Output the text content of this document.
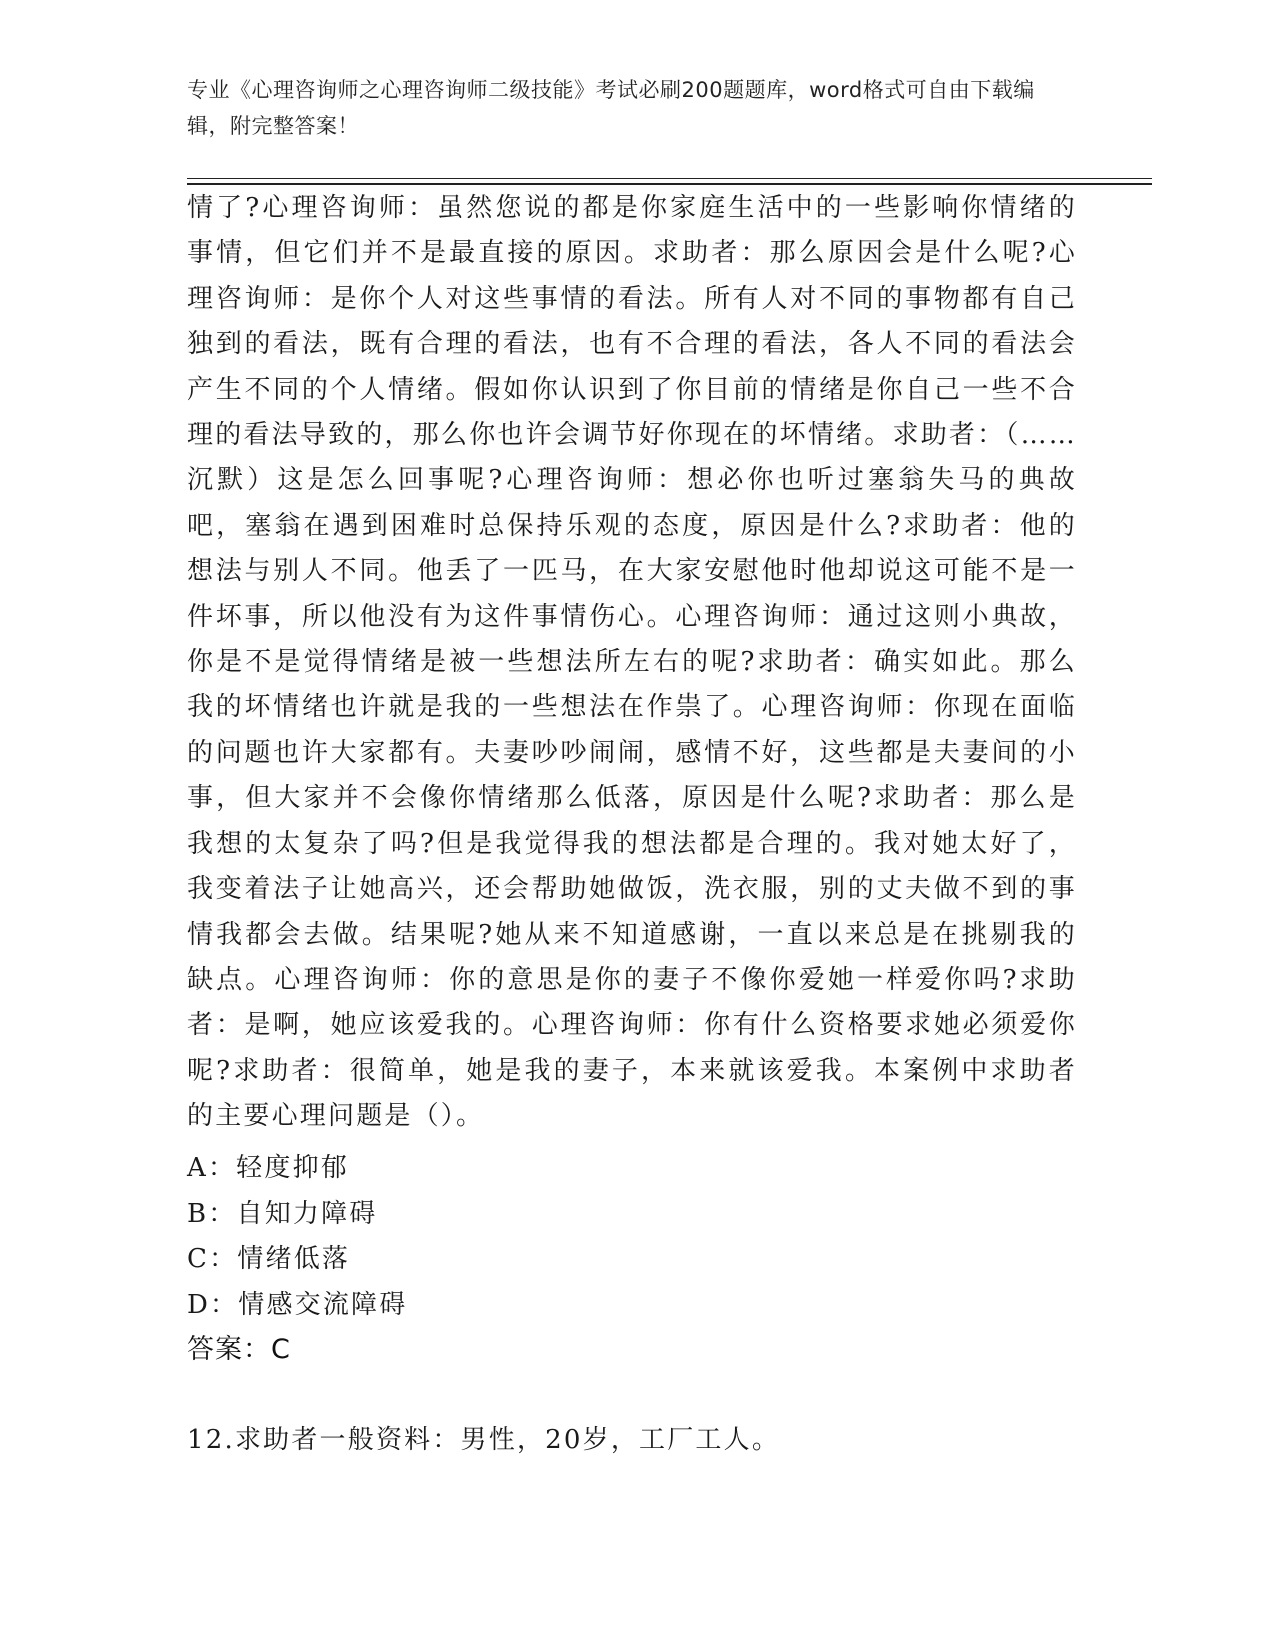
专业《心理咨询师之心理咨询师二级技能》考试必刷200题题库，word格式可自由下载编辑，附完整答案！

情了?心理咨询师：虽然您说的都是你家庭生活中的一些影响你情绪的事情，但它们并不是最直接的原因。求助者：那么原因会是什么呢?心理咨询师：是你个人对这些事情的看法。所有人对不同的事物都有自己独到的看法，既有合理的看法，也有不合理的看法，各人不同的看法会产生不同的个人情绪。假如你认识到了你目前的情绪是你自己一些不合理的看法导致的，那么你也许会调节好你现在的坏情绪。求助者：（……沉默）这是怎么回事呢?心理咨询师：想必你也听过塞翁失马的典故吧，塞翁在遇到困难时总保持乐观的态度，原因是什么?求助者：他的想法与别人不同。他丢了一匹马，在大家安慰他时他却说这可能不是一件坏事，所以他没有为这件事情伤心。心理咨询师：通过这则小典故，你是不是觉得情绪是被一些想法所左右的呢?求助者：确实如此。那么我的坏情绪也许就是我的一些想法在作祟了。心理咨询师：你现在面临的问题也许大家都有。夫妻吵吵闹闹，感情不好，这些都是夫妻间的小事，但大家并不会像你情绪那么低落，原因是什么呢?求助者：那么是我想的太复杂了吗?但是我觉得我的想法都是合理的。我对她太好了，我变着法子让她高兴，还会帮助她做饭，洗衣服，别的丈夫做不到的事情我都会去做。结果呢?她从来不知道感谢，一直以来总是在挑剔我的缺点。心理咨询师：你的意思是你的妻子不像你爱她一样爱你吗?求助者：是啊，她应该爱我的。心理咨询师：你有什么资格要求她必须爱你呢?求助者：很简单，她是我的妻子，本来就该爱我。本案例中求助者的主要心理问题是（）。

A：轻度抑郁
B：自知力障碍
C：情绪低落
D：情感交流障碍
答案：C
12.求助者一般资料：男性，20岁，工厂工人。
